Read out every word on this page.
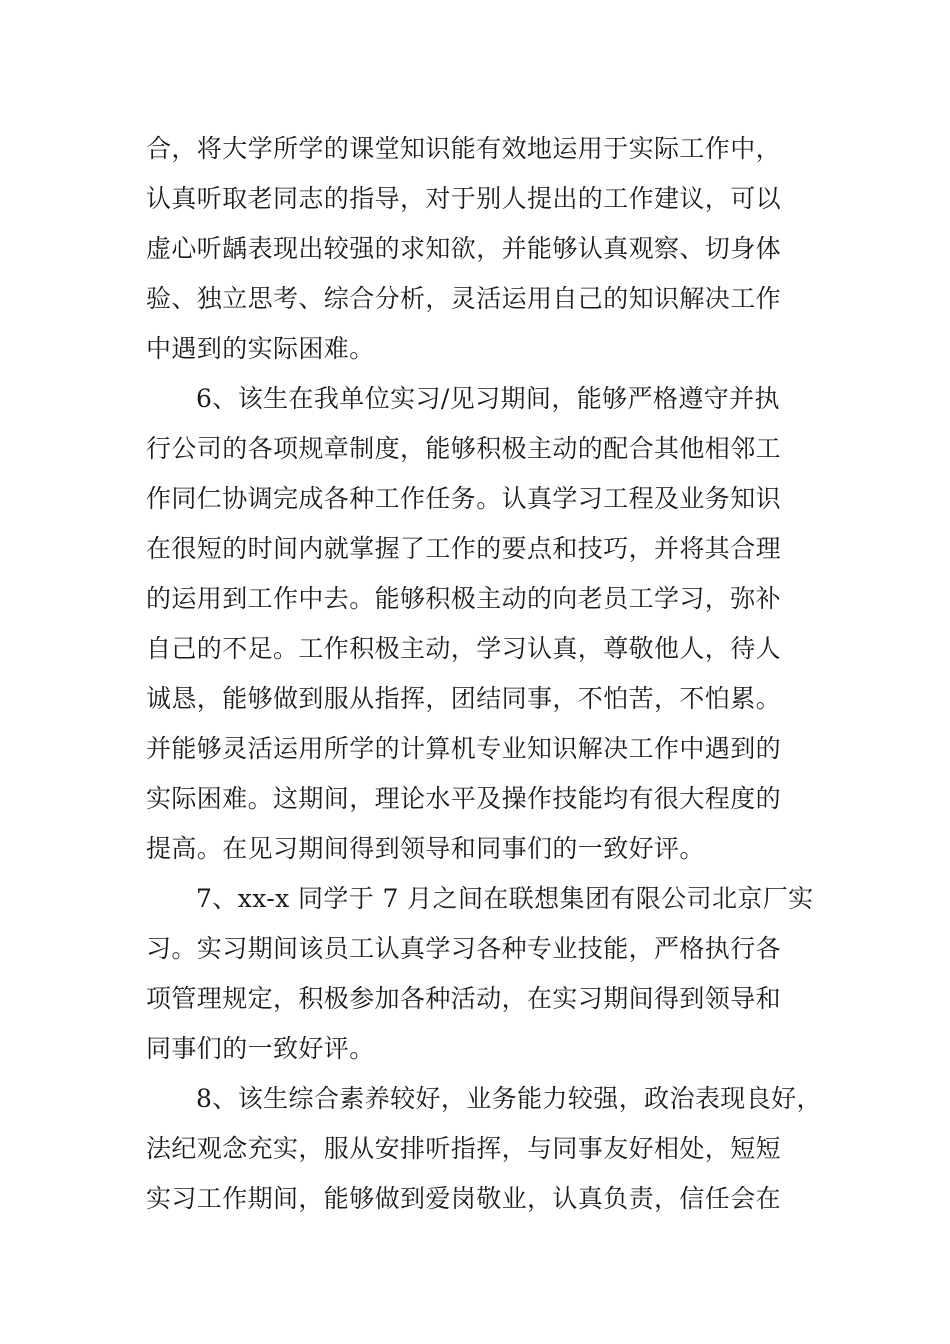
合，将大学所学的课堂知识能有效地运用于实际工作中，
认真听取老同志的指导，对于别人提出的工作建议，可以
虚心听龋表现出较强的求知欲，并能够认真观察、切身体
验、独立思考、综合分析，灵活运用自己的知识解决工作
中遇到的实际困难。
6、该生在我单位实习/见习期间，能够严格遵守并执
行公司的各项规章制度，能够积极主动的配合其他相邻工
作同仁协调完成各种工作任务。认真学习工程及业务知识
在很短的时间内就掌握了工作的要点和技巧，并将其合理
的运用到工作中去。能够积极主动的向老员工学习，弥补
自己的不足。工作积极主动，学习认真，尊敬他人，待人
诚恳，能够做到服从指挥，团结同事，不怕苦，不怕累。
并能够灵活运用所学的计算机专业知识解决工作中遇到的
实际困难。这期间，理论水平及操作技能均有很大程度的
提高。在见习期间得到领导和同事们的一致好评。
7、xx-x 同学于 7 月之间在联想集团有限公司北京厂实
习。实习期间该员工认真学习各种专业技能，严格执行各
项管理规定，积极参加各种活动，在实习期间得到领导和
同事们的一致好评。
8、该生综合素养较好，业务能力较强，政治表现良好，
法纪观念充实，服从安排听指挥，与同事友好相处，短短
实习工作期间，能够做到爱岗敬业，认真负责，信任会在
